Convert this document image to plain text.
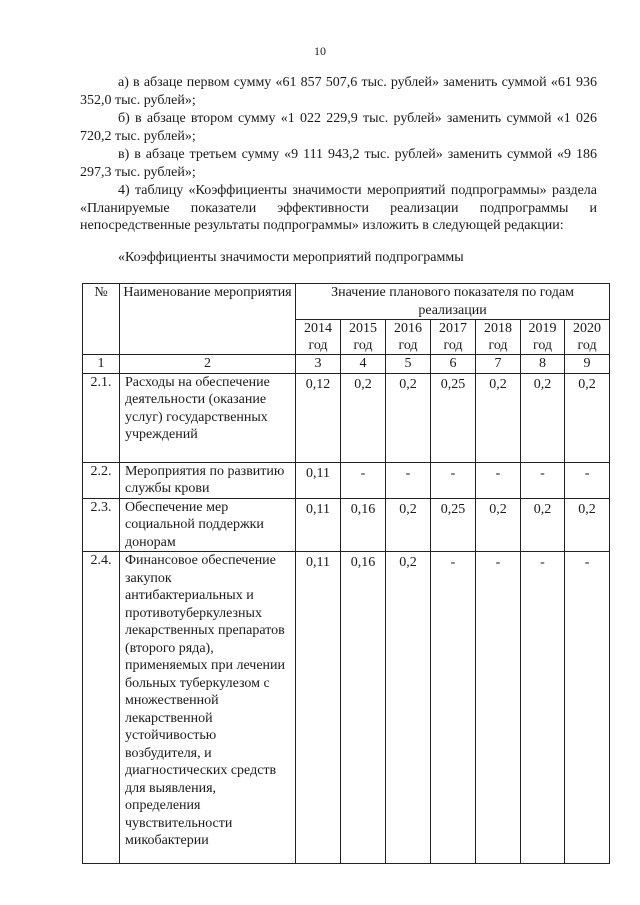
10

а) в абзаце первом сумму «61 857 507,6 тыс. рублей» заменить суммой «61 936 352,0 тыс. рублей»;

б) в абзаце втором сумму «1 022 229,9 тыс. рублей» заменить суммой «1 026 720,2 тыс. рублей»;

в) в абзаце третьем сумму «9 111 943,2 тыс. рублей» заменить суммой «9 186 297,3 тыс. рублей»;

4) таблицу «Коэффициенты значимости мероприятий подпрограммы» раздела «Планируемые показатели эффективности реализации подпрограммы и непосредственные результаты подпрограммы» изложить в следующей редакции:

«Коэффициенты значимости мероприятий подпрограммы
№	Наименование мероприятия	Значение планового показателя по годам реализации						
		2014 год	2015 год	2016 год	2017 год	2018 год	2019 год	2020 год
1	2	3	4	5	6	7	8	9
2.1.	Расходы на обеспечение деятельности (оказание услуг) государственных учреждений	0,12	0,2	0,2	0,25	0,2	0,2	0,2
2.2.	Мероприятия по развитию службы крови	0,11	-	-	-	-	-	-
2.3.	Обеспечение мер социальной поддержки донорам	0,11	0,16	0,2	0,25	0,2	0,2	0,2
2.4.	Финансовое обеспечение закупок антибактериальных и противотуберкулезных лекарственных препаратов (второго ряда), применяемых при лечении больных туберкулезом с множественной лекарственной устойчивостью возбудителя, и диагностических средств для выявления, определения чувствительности микобактерии	0,11	0,16	0,2	-	-	-	-
